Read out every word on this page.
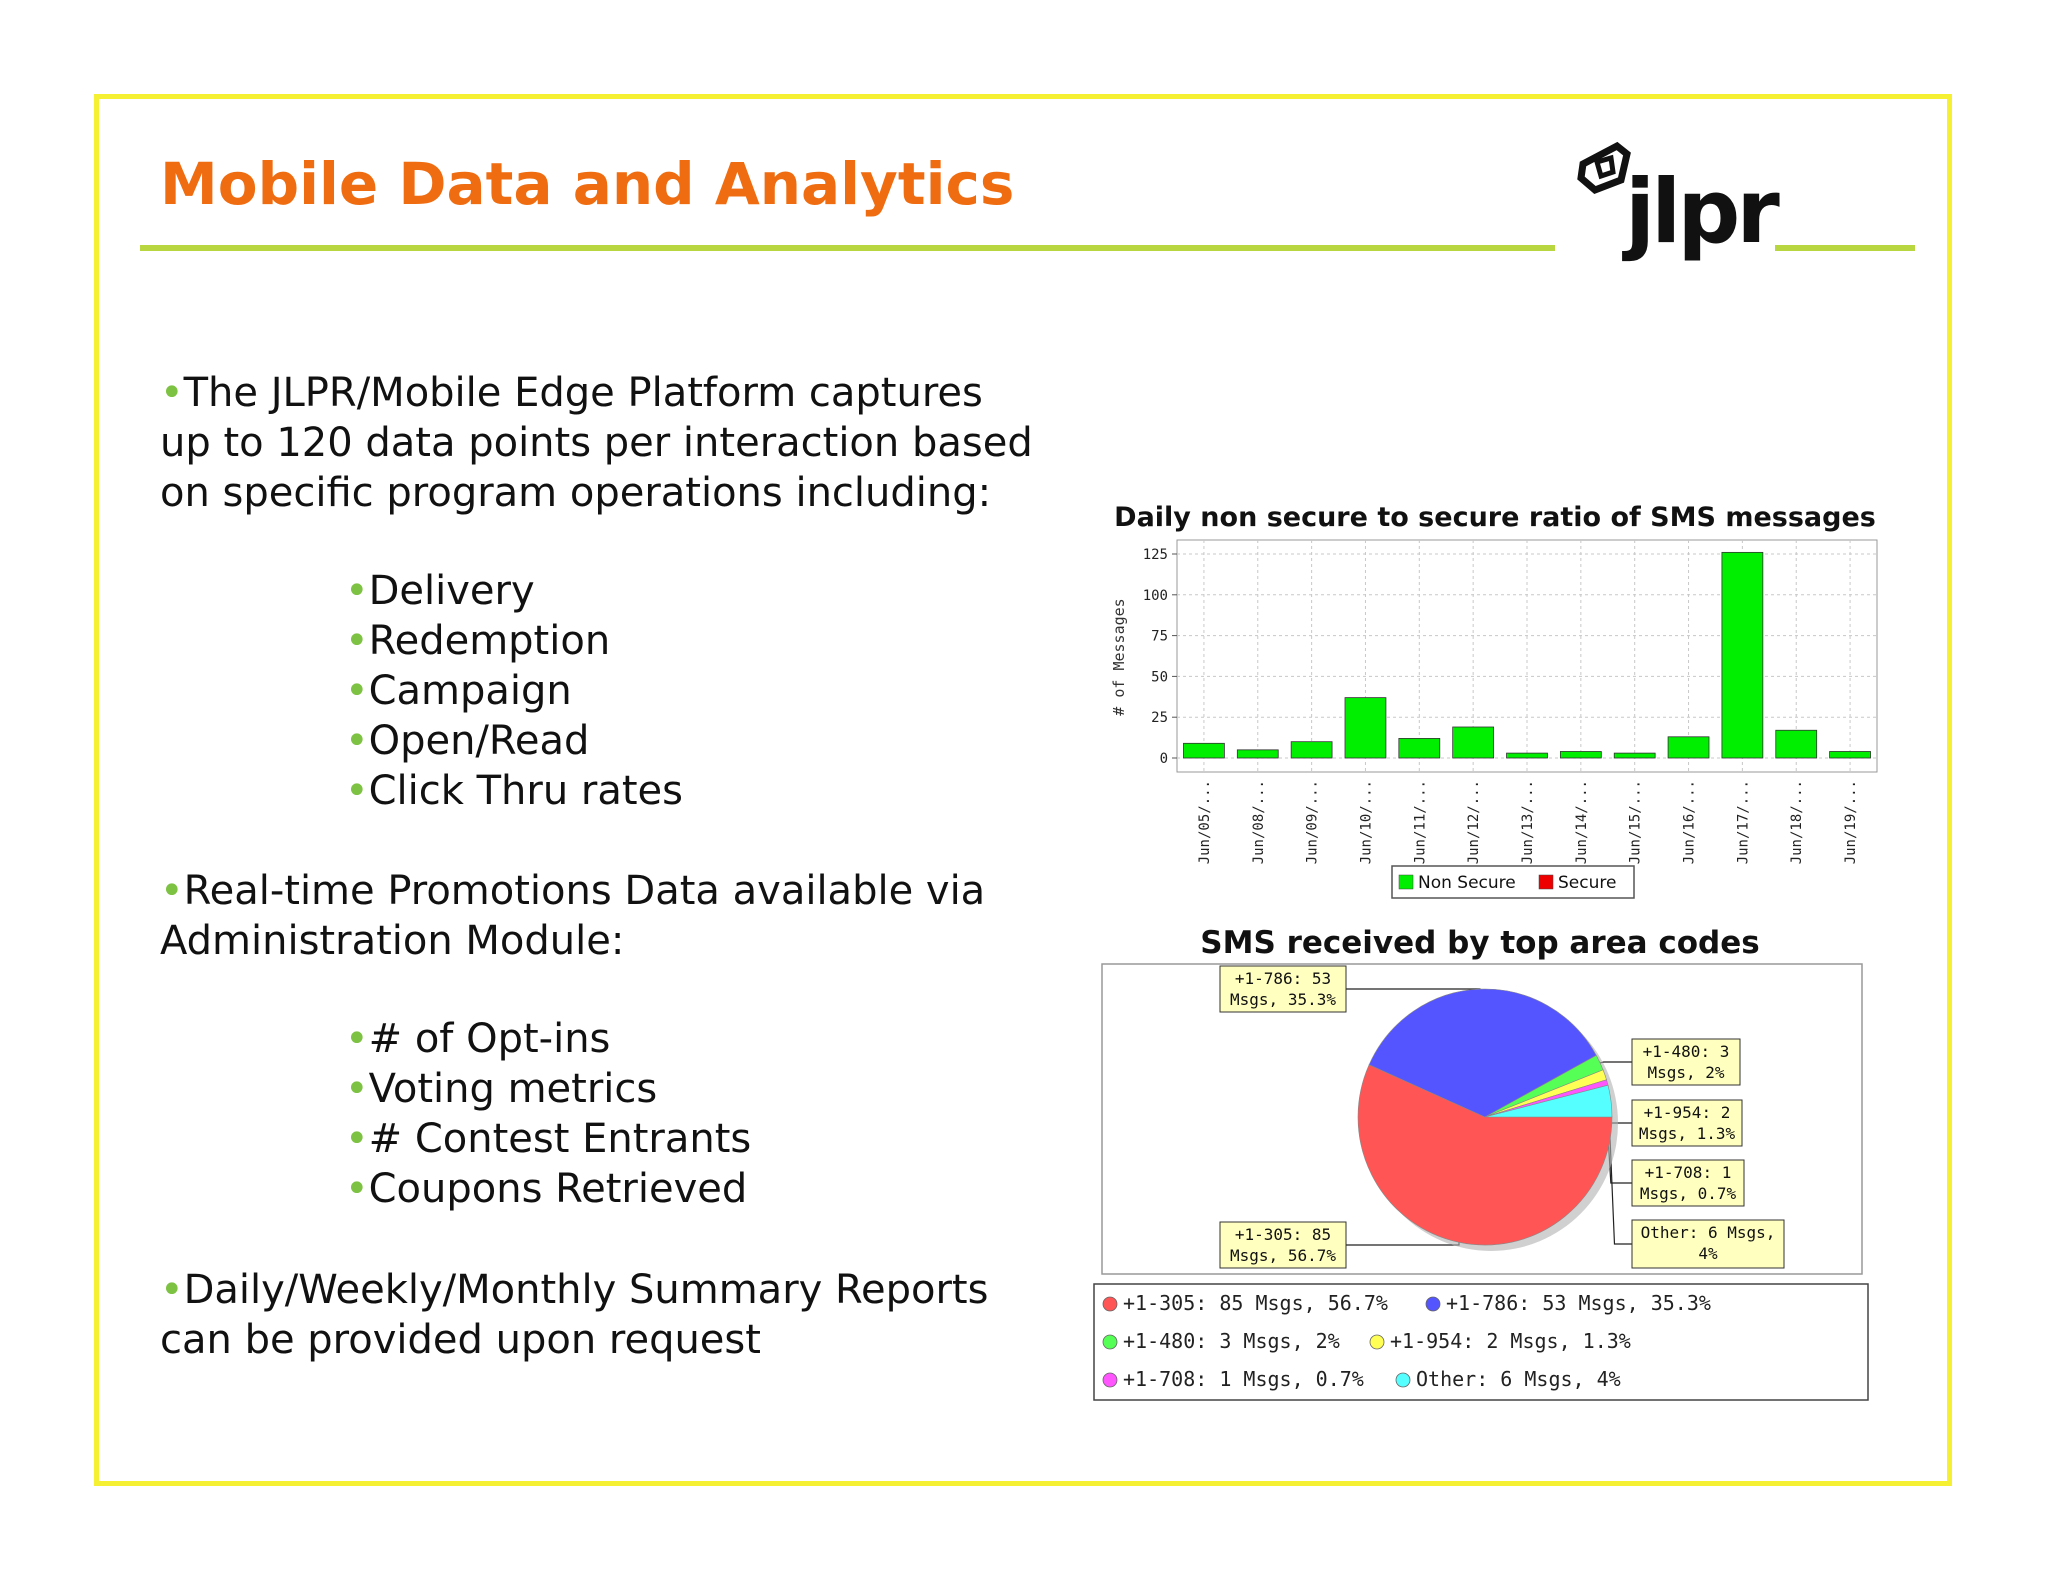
Mobile Data and Analytics	jlpr
•The JLPR/Mobile Edge Platform captures
up to 120 data points per interaction based
on specific program operations including:
•Delivery
•Redemption
•Campaign
•Open/Read
•Click Thru rates
•Real-time Promotions Data available via
Administration Module:
•# of Opt-ins
•Voting metrics
•# Contest Entrants
•Coupons Retrieved
•Daily/Weekly/Monthly Summary Reports
can be provided upon request
Daily non secure to secure ratio of SMS messages
# of Messages
0
25
50
75
100
125
Jun/05/...	Jun/08/...	Jun/09/...	Jun/10/...	Jun/11/...	Jun/12/...	Jun/13/...	Jun/14/...	Jun/15/...	Jun/16/...	Jun/17/...	Jun/18/...	Jun/19/...
Non Secure Secure
SMS received by top area codes
+1-305: 85
Msgs, 56.7%
+1-786: 53
Msgs, 35.3%
+1-480: 3
Msgs, 2%
+1-954: 2
Msgs, 1.3%
+1-708: 1
Msgs, 0.7%
Other: 6 Msgs,
4%
+1-305: 85 Msgs, 56.7%	+1-786: 53 Msgs, 35.3%
+1-480: 3 Msgs, 2%	+1-954: 2 Msgs, 1.3%
+1-708: 1 Msgs, 0.7%	Other: 6 Msgs, 4%
